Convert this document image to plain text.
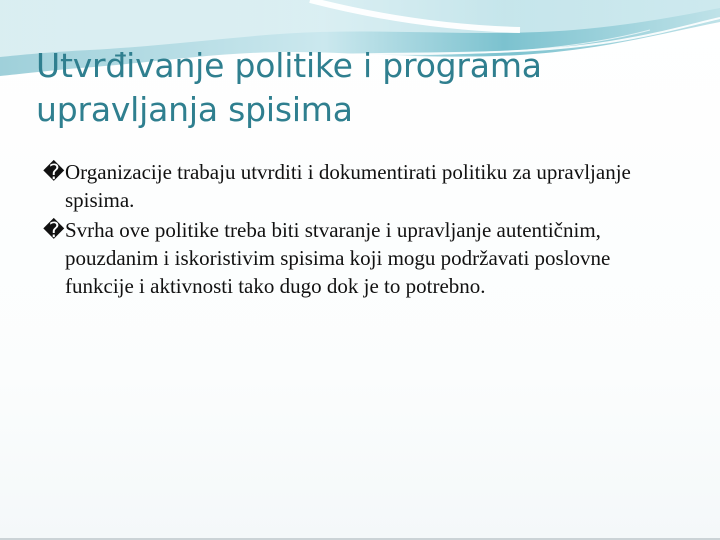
Utvrđivanje politike i programa
upravljanja spisima

� Organizacije trabaju utvrditi i dokumentirati politiku za upravljanje spisima.

� Svrha ove politike treba biti stvaranje i upravljanje autentičnim, pouzdanim i iskoristivim spisima koji mogu podržavati poslovne funkcije i aktivnosti tako dugo dok je to potrebno.
